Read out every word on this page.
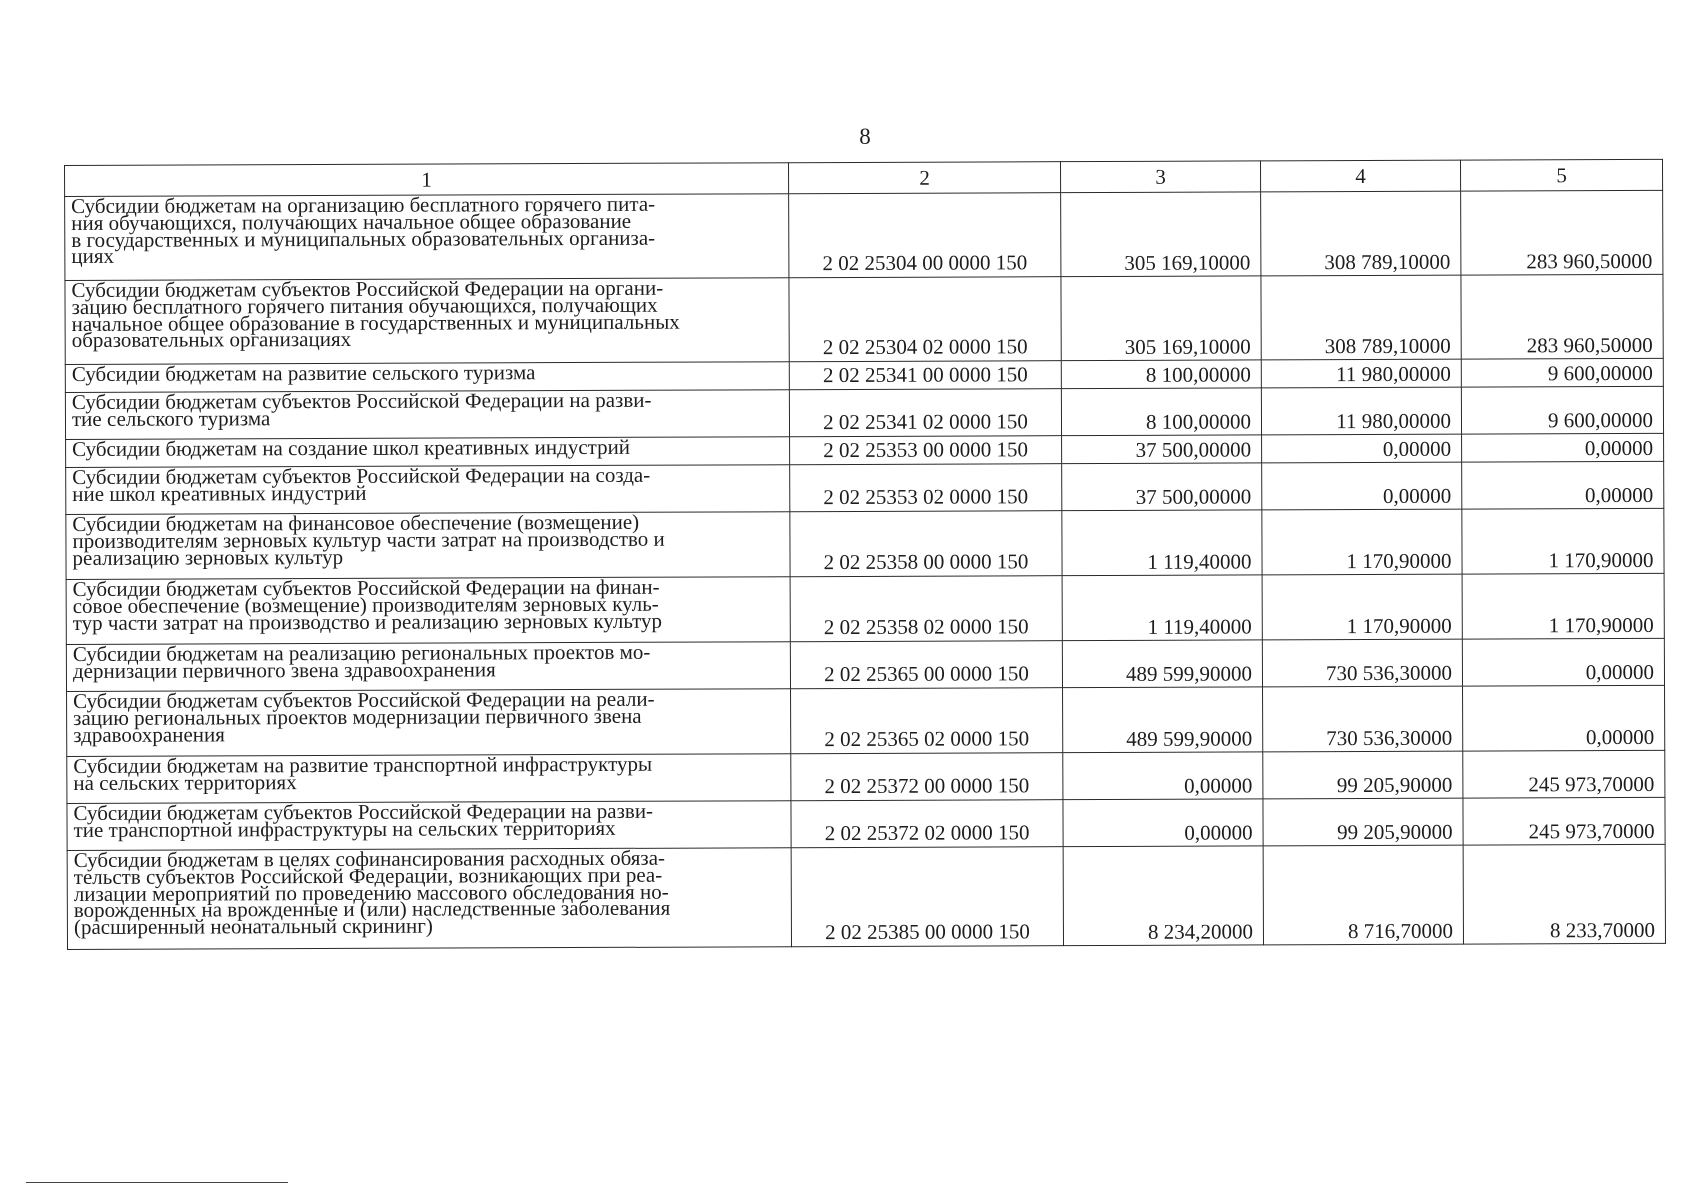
8
1	2	3	4	5
Субсидии бюджетам на организацию бесплатного горячего пита-
ния обучающихся, получающих начальное общее образование
в государственных и муниципальных образовательных организа-
циях	2 02 25304 00 0000 150	305 169,10000	308 789,10000	283 960,50000
Субсидии бюджетам субъектов Российской Федерации на органи-
зацию бесплатного горячего питания обучающихся, получающих
начальное общее образование в государственных и муниципальных
образовательных организациях	2 02 25304 02 0000 150	305 169,10000	308 789,10000	283 960,50000
Субсидии бюджетам на развитие сельского туризма	2 02 25341 00 0000 150	8 100,00000	11 980,00000	9 600,00000
Субсидии бюджетам субъектов Российской Федерации на разви-
тие сельского туризма	2 02 25341 02 0000 150	8 100,00000	11 980,00000	9 600,00000
Субсидии бюджетам на создание школ креативных индустрий	2 02 25353 00 0000 150	37 500,00000	0,00000	0,00000
Субсидии бюджетам субъектов Российской Федерации на созда-
ние школ креативных индустрий	2 02 25353 02 0000 150	37 500,00000	0,00000	0,00000
Субсидии бюджетам на финансовое обеспечение (возмещение)
производителям зерновых культур части затрат на производство и
реализацию зерновых культур	2 02 25358 00 0000 150	1 119,40000	1 170,90000	1 170,90000
Субсидии бюджетам субъектов Российской Федерации на финан-
совое обеспечение (возмещение) производителям зерновых куль-
тур части затрат на производство и реализацию зерновых культур	2 02 25358 02 0000 150	1 119,40000	1 170,90000	1 170,90000
Субсидии бюджетам на реализацию региональных проектов мо-
дернизации первичного звена здравоохранения	2 02 25365 00 0000 150	489 599,90000	730 536,30000	0,00000
Субсидии бюджетам субъектов Российской Федерации на реали-
зацию региональных проектов модернизации первичного звена
здравоохранения	2 02 25365 02 0000 150	489 599,90000	730 536,30000	0,00000
Субсидии бюджетам на развитие транспортной инфраструктуры
на сельских территориях	2 02 25372 00 0000 150	0,00000	99 205,90000	245 973,70000
Субсидии бюджетам субъектов Российской Федерации на разви-
тие транспортной инфраструктуры на сельских территориях	2 02 25372 02 0000 150	0,00000	99 205,90000	245 973,70000
Субсидии бюджетам в целях софинансирования расходных обяза-
тельств субъектов Российской Федерации, возникающих при реа-
лизации мероприятий по проведению массового обследования но-
ворожденных на врожденные и (или) наследственные заболевания
(расширенный неонатальный скрининг)	2 02 25385 00 0000 150	8 234,20000	8 716,70000	8 233,70000
